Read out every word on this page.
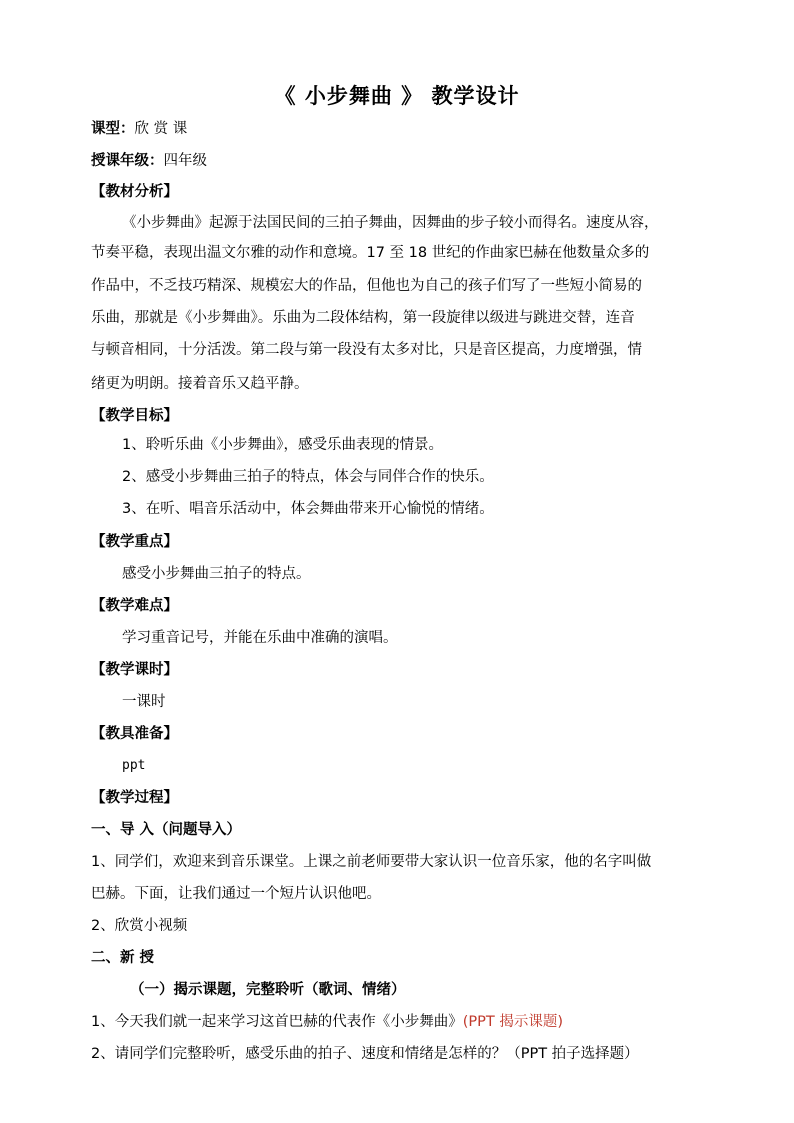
《 小步舞曲 》 教学设计
课型：欣 赏 课
授课年级：四年级
【教材分析】
《小步舞曲》起源于法国民间的三拍子舞曲，因舞曲的步子较小而得名。速度从容，
节奏平稳，表现出温文尔雅的动作和意境。17 至 18 世纪的作曲家巴赫在他数量众多的
作品中，不乏技巧精深、规模宏大的作品，但他也为自己的孩子们写了一些短小简易的
乐曲，那就是《小步舞曲》。乐曲为二段体结构，第一段旋律以级进与跳进交替，连音
与顿音相同，十分活泼。第二段与第一段没有太多对比，只是音区提高，力度增强，情
绪更为明朗。接着音乐又趋平静。
【教学目标】
1、聆听乐曲《小步舞曲》，感受乐曲表现的情景。
2、感受小步舞曲三拍子的特点，体会与同伴合作的快乐。
3、在听、唱音乐活动中，体会舞曲带来开心愉悦的情绪。
【教学重点】
感受小步舞曲三拍子的特点。
【教学难点】
学习重音记号，并能在乐曲中准确的演唱。
【教学课时】
一课时
【教具准备】
ppt
【教学过程】
一、导 入（问题导入）
1、同学们，欢迎来到音乐课堂。上课之前老师要带大家认识一位音乐家，他的名字叫做
巴赫。下面，让我们通过一个短片认识他吧。
2、欣赏小视频
二、新 授
（一）揭示课题，完整聆听（歌词、情绪）
1、今天我们就一起来学习这首巴赫的代表作《小步舞曲》(PPT 揭示课题)
2、请同学们完整聆听，感受乐曲的拍子、速度和情绪是怎样的？（PPT 拍子选择题）
